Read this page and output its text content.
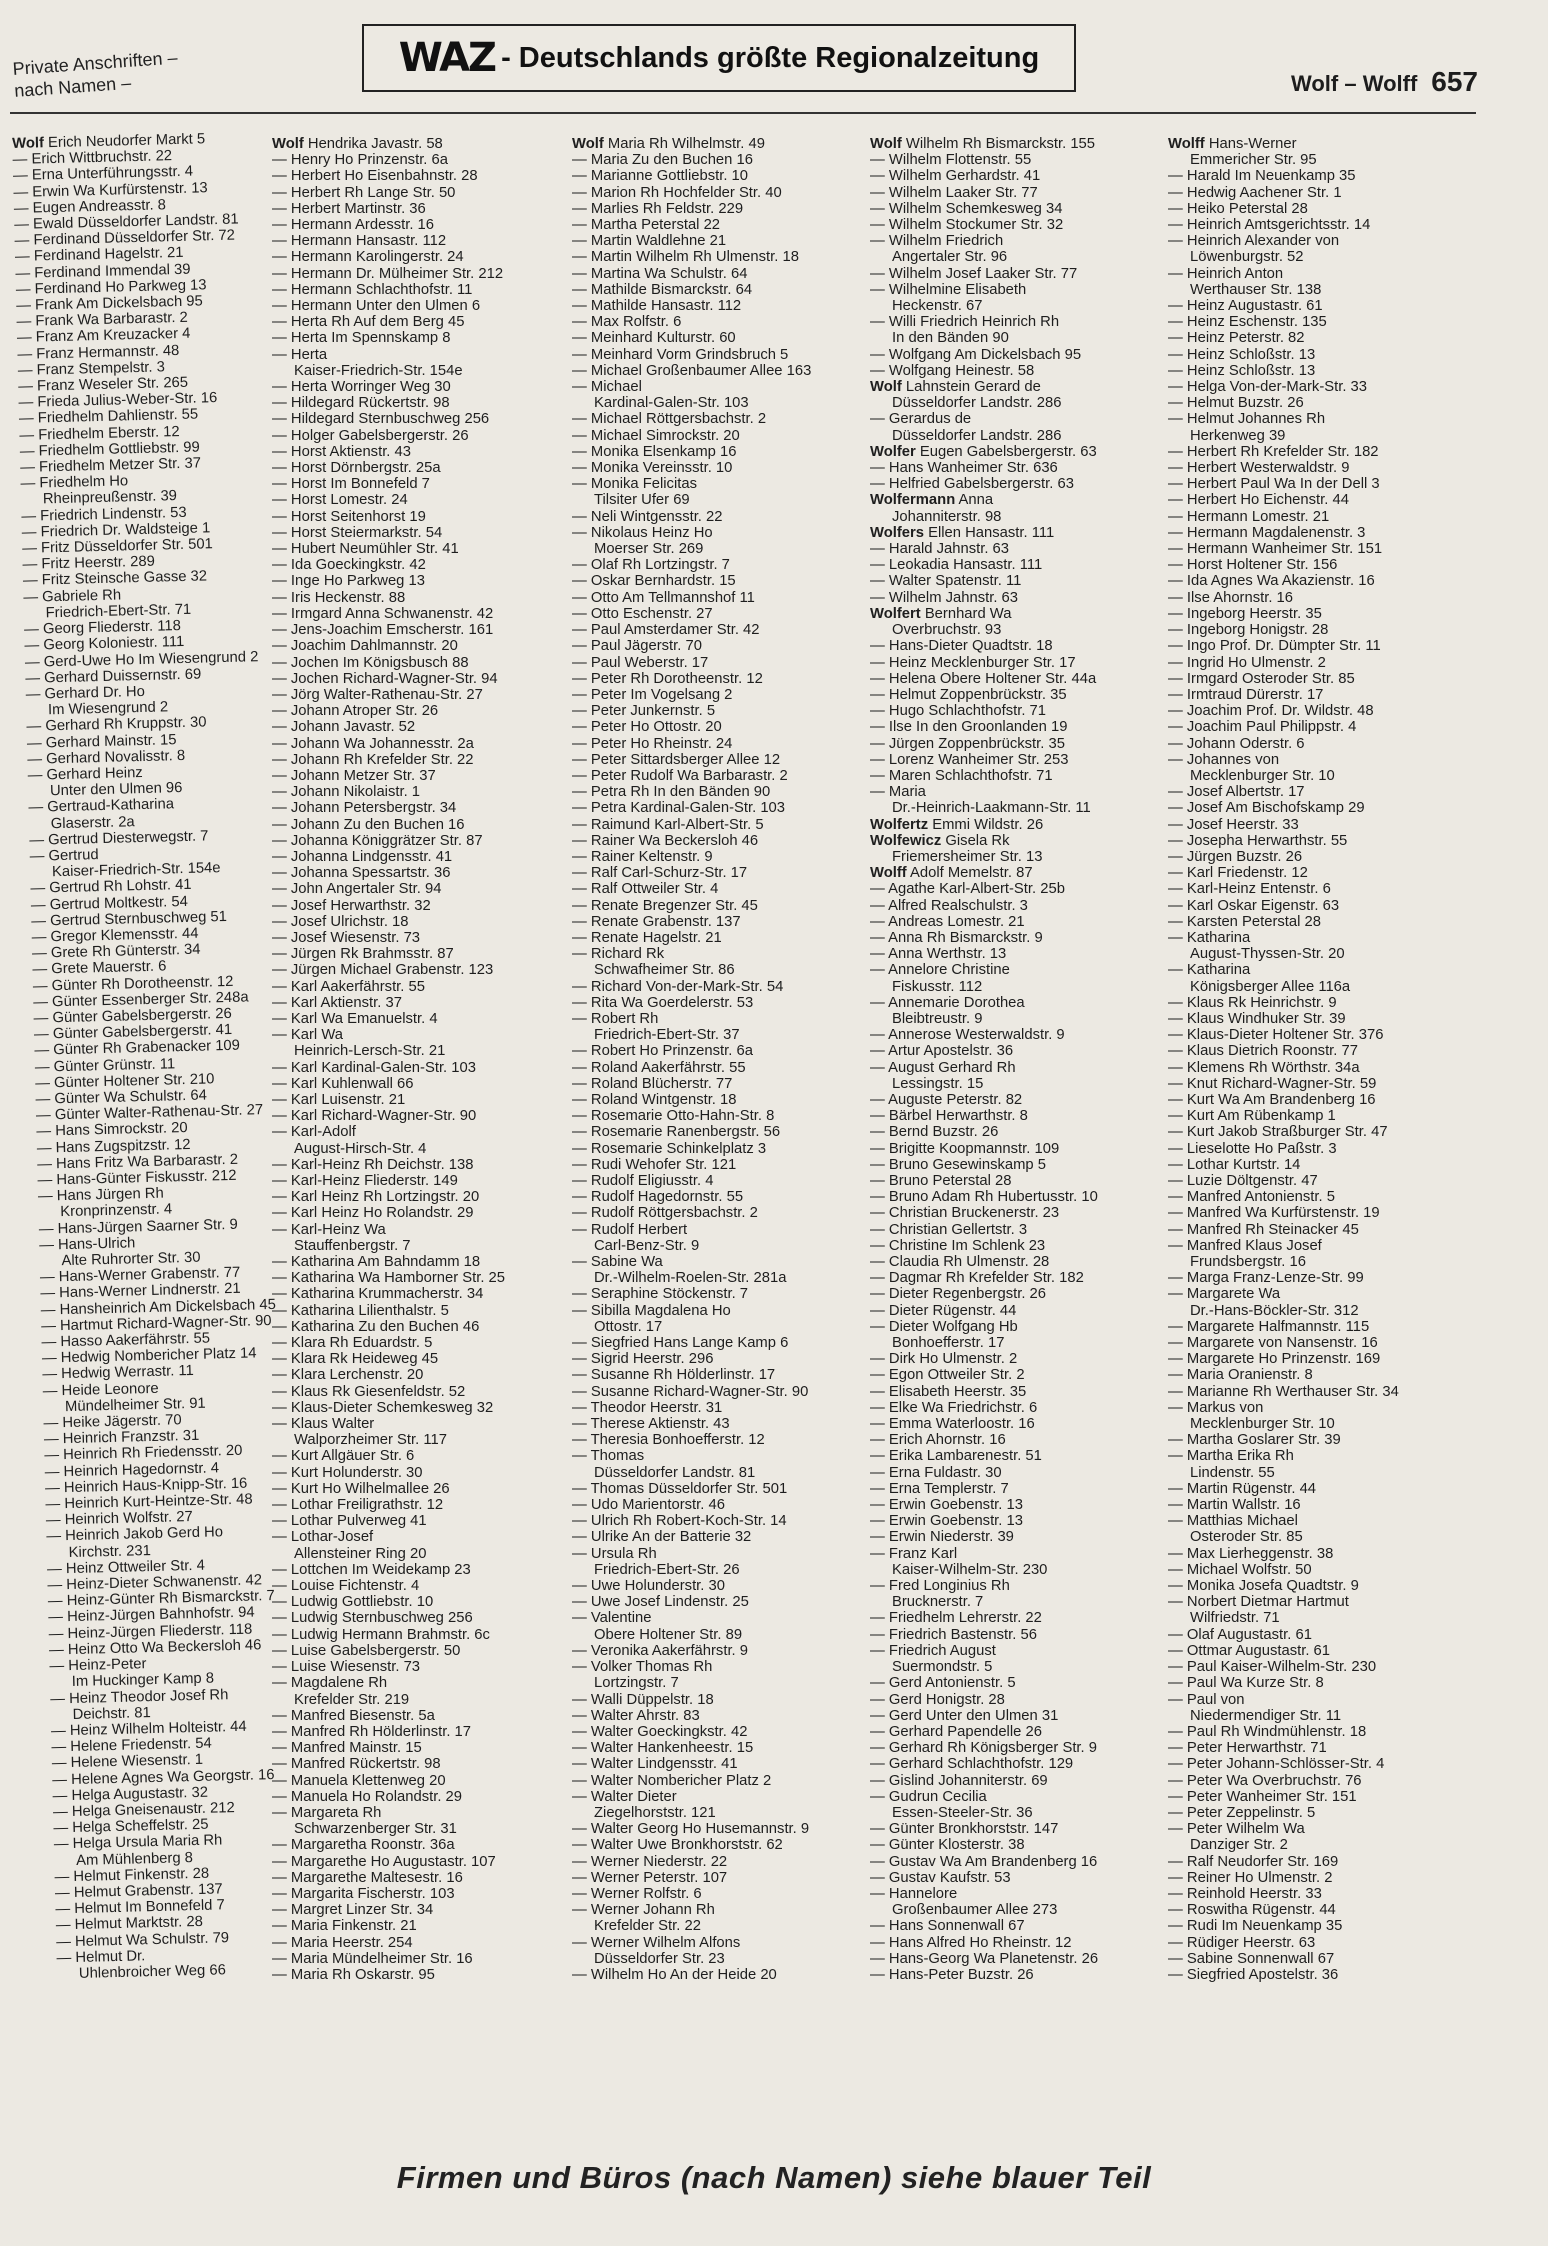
WAZ - Deutschlands größte Regionalzeitung
Private Anschriften – nach Namen –	Wolf – Wolff 657
Wolf Erich Neudorfer Markt 5
— Erich Wittbruchstr. 22
— Erna Unterführungsstr. 4
— Erwin Wa Kurfürstenstr. 13
— Eugen Andreasstr. 8
— Ewald Düsseldorfer Landstr. 81
— Ferdinand Düsseldorfer Str. 72
— Ferdinand Hagelstr. 21
— Ferdinand Immendal 39
— Ferdinand Ho Parkweg 13
— Frank Am Dickelsbach 95
— Frank Wa Barbarastr. 2
— Franz Am Kreuzacker 4
— Franz Hermannstr. 48
— Franz Stempelstr. 3
— Franz Weseler Str. 265
— Frieda Julius-Weber-Str. 16
— Friedhelm Dahlienstr. 55
— Friedhelm Eberstr. 12
— Friedhelm Gottliebstr. 99
— Friedhelm Metzer Str. 37
— Friedhelm Ho
Rheinpreußenstr. 39
— Friedrich Lindenstr. 53
— Friedrich Dr. Waldsteige 1
— Fritz Düsseldorfer Str. 501
— Fritz Heerstr. 289
— Fritz Steinsche Gasse 32
— Gabriele Rh
Friedrich-Ebert-Str. 71
— Georg Fliederstr. 118
— Georg Koloniestr. 111
— Gerd-Uwe Ho Im Wiesengrund 2
— Gerhard Duissernstr. 69
— Gerhard Dr. Ho
Im Wiesengrund 2
— Gerhard Rh Kruppstr. 30
— Gerhard Mainstr. 15
— Gerhard Novalisstr. 8
— Gerhard Heinz
Unter den Ulmen 96
— Gertraud-Katharina
Glaserstr. 2a
— Gertrud Diesterwegstr. 7
— Gertrud
Kaiser-Friedrich-Str. 154e
— Gertrud Rh Lohstr. 41
— Gertrud Moltkestr. 54
— Gertrud Sternbuschweg 51
— Gregor Klemensstr. 44
— Grete Rh Günterstr. 34
— Grete Mauerstr. 6
— Günter Rh Dorotheenstr. 12
— Günter Essenberger Str. 248a
— Günter Gabelsbergerstr. 26
— Günter Gabelsbergerstr. 41
— Günter Rh Grabenacker 109
— Günter Grünstr. 11
— Günter Holtener Str. 210
— Günter Wa Schulstr. 64
— Günter Walter-Rathenau-Str. 27
— Hans Simrockstr. 20
— Hans Zugspitzstr. 12
— Hans Fritz Wa Barbarastr. 2
— Hans-Günter Fiskusstr. 212
— Hans Jürgen Rh
Kronprinzenstr. 4
— Hans-Jürgen Saarner Str. 9
— Hans-Ulrich
Alte Ruhrorter Str. 30
— Hans-Werner Grabenstr. 77
— Hans-Werner Lindnerstr. 21
— Hansheinrich Am Dickelsbach 45
— Hartmut Richard-Wagner-Str. 90
— Hasso Aakerfährstr. 55
— Hedwig Nombericher Platz 14
— Hedwig Werrastr. 11
— Heide Leonore
Mündelheimer Str. 91
— Heike Jägerstr. 70
— Heinrich Franzstr. 31
— Heinrich Rh Friedensstr. 20
— Heinrich Hagedornstr. 4
— Heinrich Haus-Knipp-Str. 16
— Heinrich Kurt-Heintze-Str. 48
— Heinrich Wolfstr. 27
— Heinrich Jakob Gerd Ho
Kirchstr. 231
— Heinz Ottweiler Str. 4
— Heinz-Dieter Schwanenstr. 42
— Heinz-Günter Rh Bismarckstr. 7
— Heinz-Jürgen Bahnhofstr. 94
— Heinz-Jürgen Fliederstr. 118
— Heinz Otto Wa Beckersloh 46
— Heinz-Peter
Im Huckinger Kamp 8
— Heinz Theodor Josef Rh
Deichstr. 81
— Heinz Wilhelm Holteistr. 44
— Helene Friedenstr. 54
— Helene Wiesenstr. 1
— Helene Agnes Wa Georgstr. 16
— Helga Augustastr. 32
— Helga Gneisenaustr. 212
— Helga Scheffelstr. 25
— Helga Ursula Maria Rh
Am Mühlenberg 8
— Helmut Finkenstr. 28
— Helmut Grabenstr. 137
— Helmut Im Bonnefeld 7
— Helmut Marktstr. 28
— Helmut Wa Schulstr. 79
— Helmut Dr.
Uhlenbroicher Weg 66
Wolf Hendrika Javastr. 58
— Henry Ho Prinzenstr. 6a
— Herbert Ho Eisenbahnstr. 28
— Herbert Rh Lange Str. 50
— Herbert Martinstr. 36
— Hermann Ardesstr. 16
— Hermann Hansastr. 112
— Hermann Karolingerstr. 24
— Hermann Dr. Mülheimer Str. 212
— Hermann Schlachthofstr. 11
— Hermann Unter den Ulmen 6
— Herta Rh Auf dem Berg 45
— Herta Im Spennskamp 8
— Herta
Kaiser-Friedrich-Str. 154e
— Herta Worringer Weg 30
— Hildegard Rückertstr. 98
— Hildegard Sternbuschweg 256
— Holger Gabelsbergerstr. 26
— Horst Aktienstr. 43
— Horst Dörnbergstr. 25a
— Horst Im Bonnefeld 7
— Horst Lomestr. 24
— Horst Seitenhorst 19
— Horst Steiermarkstr. 54
— Hubert Neumühler Str. 41
— Ida Goeckingkstr. 42
— Inge Ho Parkweg 13
— Iris Heckenstr. 88
— Irmgard Anna Schwanenstr. 42
— Jens-Joachim Emscherstr. 161
— Joachim Dahlmannstr. 20
— Jochen Im Königsbusch 88
— Jochen Richard-Wagner-Str. 94
— Jörg Walter-Rathenau-Str. 27
— Johann Atroper Str. 26
— Johann Javastr. 52
— Johann Wa Johannesstr. 2a
— Johann Rh Krefelder Str. 22
— Johann Metzer Str. 37
— Johann Nikolaistr. 1
— Johann Petersbergstr. 34
— Johann Zu den Buchen 16
— Johanna Königgrätzer Str. 87
— Johanna Lindgensstr. 41
— Johanna Spessartstr. 36
— John Angertaler Str. 94
— Josef Herwarthstr. 32
— Josef Ulrichstr. 18
— Josef Wiesenstr. 73
— Jürgen Rk Brahmsstr. 87
— Jürgen Michael Grabenstr. 123
— Karl Aakerfährstr. 55
— Karl Aktienstr. 37
— Karl Wa Emanuelstr. 4
— Karl Wa
Heinrich-Lersch-Str. 21
— Karl Kardinal-Galen-Str. 103
— Karl Kuhlenwall 66
— Karl Luisenstr. 21
— Karl Richard-Wagner-Str. 90
— Karl-Adolf
August-Hirsch-Str. 4
— Karl-Heinz Rh Deichstr. 138
— Karl-Heinz Fliederstr. 149
— Karl Heinz Rh Lortzingstr. 20
— Karl Heinz Ho Rolandstr. 29
— Karl-Heinz Wa
Stauffenbergstr. 7
— Katharina Am Bahndamm 18
— Katharina Wa Hamborner Str. 25
— Katharina Krummacherstr. 34
— Katharina Lilienthalstr. 5
— Katharina Zu den Buchen 46
— Klara Rh Eduardstr. 5
— Klara Rk Heideweg 45
— Klara Lerchenstr. 20
— Klaus Rk Giesenfeldstr. 52
— Klaus-Dieter Schemkesweg 32
— Klaus Walter
Walporzheimer Str. 117
— Kurt Allgäuer Str. 6
— Kurt Holunderstr. 30
— Kurt Ho Wilhelmallee 26
— Lothar Freiligrathstr. 12
— Lothar Pulverweg 41
— Lothar-Josef
Allensteiner Ring 20
— Lottchen Im Weidekamp 23
— Louise Fichtenstr. 4
— Ludwig Gottliebstr. 10
— Ludwig Sternbuschweg 256
— Ludwig Hermann Brahmstr. 6c
— Luise Gabelsbergerstr. 50
— Luise Wiesenstr. 73
— Magdalene Rh
Krefelder Str. 219
— Manfred Biesenstr. 5a
— Manfred Rh Hölderlinstr. 17
— Manfred Mainstr. 15
— Manfred Rückertstr. 98
— Manuela Klettenweg 20
— Manuela Ho Rolandstr. 29
— Margareta Rh
Schwarzenberger Str. 31
— Margaretha Roonstr. 36a
— Margarethe Ho Augustastr. 107
— Margarethe Maltesestr. 16
— Margarita Fischerstr. 103
— Margret Linzer Str. 34
— Maria Finkenstr. 21
— Maria Heerstr. 254
— Maria Mündelheimer Str. 16
— Maria Rh Oskarstr. 95
Wolf Maria Rh Wilhelmstr. 49
— Maria Zu den Buchen 16
— Marianne Gottliebstr. 10
— Marion Rh Hochfelder Str. 40
— Marlies Rh Feldstr. 229
— Martha Peterstal 22
— Martin Waldlehne 21
— Martin Wilhelm Rh Ulmenstr. 18
— Martina Wa Schulstr. 64
— Mathilde Bismarckstr. 64
— Mathilde Hansastr. 112
— Max Rolfstr. 6
— Meinhard Kulturstr. 60
— Meinhard Vorm Grindsbruch 5
— Michael Großenbaumer Allee 163
— Michael
Kardinal-Galen-Str. 103
— Michael Röttgersbachstr. 2
— Michael Simrockstr. 20
— Monika Elsenkamp 16
— Monika Vereinsstr. 10
— Monika Felicitas
Tilsiter Ufer 69
— Neli Wintgensstr. 22
— Nikolaus Heinz Ho
Moerser Str. 269
— Olaf Rh Lortzingstr. 7
— Oskar Bernhardstr. 15
— Otto Am Tellmannshof 11
— Otto Eschenstr. 27
— Paul Amsterdamer Str. 42
— Paul Jägerstr. 70
— Paul Weberstr. 17
— Peter Rh Dorotheenstr. 12
— Peter Im Vogelsang 2
— Peter Junkernstr. 5
— Peter Ho Ottostr. 20
— Peter Ho Rheinstr. 24
— Peter Sittardsberger Allee 12
— Peter Rudolf Wa Barbarastr. 2
— Petra Rh In den Bänden 90
— Petra Kardinal-Galen-Str. 103
— Raimund Karl-Albert-Str. 5
— Rainer Wa Beckersloh 46
— Rainer Keltenstr. 9
— Ralf Carl-Schurz-Str. 17
— Ralf Ottweiler Str. 4
— Renate Bregenzer Str. 45
— Renate Grabenstr. 137
— Renate Hagelstr. 21
— Richard Rk
Schwafheimer Str. 86
— Richard Von-der-Mark-Str. 54
— Rita Wa Goerdelerstr. 53
— Robert Rh
Friedrich-Ebert-Str. 37
— Robert Ho Prinzenstr. 6a
— Roland Aakerfährstr. 55
— Roland Blücherstr. 77
— Roland Wintgenstr. 18
— Rosemarie Otto-Hahn-Str. 8
— Rosemarie Ranenbergstr. 56
— Rosemarie Schinkelplatz 3
— Rudi Wehofer Str. 121
— Rudolf Eligiusstr. 4
— Rudolf Hagedornstr. 55
— Rudolf Röttgersbachstr. 2
— Rudolf Herbert
Carl-Benz-Str. 9
— Sabine Wa
Dr.-Wilhelm-Roelen-Str. 281a
— Seraphine Stöckenstr. 7
— Sibilla Magdalena Ho
Ottostr. 17
— Siegfried Hans Lange Kamp 6
— Sigrid Heerstr. 296
— Susanne Rh Hölderlinstr. 17
— Susanne Richard-Wagner-Str. 90
— Theodor Heerstr. 31
— Therese Aktienstr. 43
— Theresia Bonhoefferstr. 12
— Thomas
Düsseldorfer Landstr. 81
— Thomas Düsseldorfer Str. 501
— Udo Marientorstr. 46
— Ulrich Rh Robert-Koch-Str. 14
— Ulrike An der Batterie 32
— Ursula Rh
Friedrich-Ebert-Str. 26
— Uwe Holunderstr. 30
— Uwe Josef Lindenstr. 25
— Valentine
Obere Holtener Str. 89
— Veronika Aakerfährstr. 9
— Volker Thomas Rh
Lortzingstr. 7
— Walli Düppelstr. 18
— Walter Ahrstr. 83
— Walter Goeckingkstr. 42
— Walter Hankenheestr. 15
— Walter Lindgensstr. 41
— Walter Nombericher Platz 2
— Walter Dieter
Ziegelhorststr. 121
— Walter Georg Ho Husemannstr. 9
— Walter Uwe Bronkhorststr. 62
— Werner Niederstr. 22
— Werner Peterstr. 107
— Werner Rolfstr. 6
— Werner Johann Rh
Krefelder Str. 22
— Werner Wilhelm Alfons
Düsseldorfer Str. 23
— Wilhelm Ho An der Heide 20
Wolf Wilhelm Rh Bismarckstr. 155
— Wilhelm Flottenstr. 55
— Wilhelm Gerhardstr. 41
— Wilhelm Laaker Str. 77
— Wilhelm Schemkesweg 34
— Wilhelm Stockumer Str. 32
— Wilhelm Friedrich
Angertaler Str. 96
— Wilhelm Josef Laaker Str. 77
— Wilhelmine Elisabeth
Heckenstr. 67
— Willi Friedrich Heinrich Rh
In den Bänden 90
— Wolfgang Am Dickelsbach 95
— Wolfgang Heinestr. 58
Wolf Lahnstein Gerard de
Düsseldorfer Landstr. 286
— Gerardus de
Düsseldorfer Landstr. 286
Wolfer Eugen Gabelsbergerstr. 63
— Hans Wanheimer Str. 636
— Helfried Gabelsbergerstr. 63
Wolfermann Anna
Johanniterstr. 98
Wolfers Ellen Hansastr. 111
— Harald Jahnstr. 63
— Leokadia Hansastr. 111
— Walter Spatenstr. 11
— Wilhelm Jahnstr. 63
Wolfert Bernhard Wa
Overbruchstr. 93
— Hans-Dieter Quadtstr. 18
— Heinz Mecklenburger Str. 17
— Helena Obere Holtener Str. 44a
— Helmut Zoppenbrückstr. 35
— Hugo Schlachthofstr. 71
— Ilse In den Groonlanden 19
— Jürgen Zoppenbrückstr. 35
— Lorenz Wanheimer Str. 253
— Maren Schlachthofstr. 71
— Maria
Dr.-Heinrich-Laakmann-Str. 11
Wolfertz Emmi Wildstr. 26
Wolfewicz Gisela Rk
Friemersheimer Str. 13
Wolff Adolf Memelstr. 87
— Agathe Karl-Albert-Str. 25b
— Alfred Realschulstr. 3
— Andreas Lomestr. 21
— Anna Rh Bismarckstr. 9
— Anna Werthstr. 13
— Annelore Christine
Fiskusstr. 112
— Annemarie Dorothea
Bleibtreustr. 9
— Annerose Westerwaldstr. 9
— Artur Apostelstr. 36
— August Gerhard Rh
Lessingstr. 15
— Auguste Peterstr. 82
— Bärbel Herwarthstr. 8
— Bernd Buzstr. 26
— Brigitte Koopmannstr. 109
— Bruno Gesewinskamp 5
— Bruno Peterstal 28
— Bruno Adam Rh Hubertusstr. 10
— Christian Bruckenerstr. 23
— Christian Gellertstr. 3
— Christine Im Schlenk 23
— Claudia Rh Ulmenstr. 28
— Dagmar Rh Krefelder Str. 182
— Dieter Regenbergstr. 26
— Dieter Rügenstr. 44
— Dieter Wolfgang Hb
Bonhoefferstr. 17
— Dirk Ho Ulmenstr. 2
— Egon Ottweiler Str. 2
— Elisabeth Heerstr. 35
— Elke Wa Friedrichstr. 6
— Emma Waterloostr. 16
— Erich Ahornstr. 16
— Erika Lambarenestr. 51
— Erna Fuldastr. 30
— Erna Templerstr. 7
— Erwin Goebenstr. 13
— Erwin Goebenstr. 13
— Erwin Niederstr. 39
— Franz Karl
Kaiser-Wilhelm-Str. 230
— Fred Longinius Rh
Brucknerstr. 7
— Friedhelm Lehrerstr. 22
— Friedrich Bastenstr. 56
— Friedrich August
Suermondstr. 5
— Gerd Antonienstr. 5
— Gerd Honigstr. 28
— Gerd Unter den Ulmen 31
— Gerhard Papendelle 26
— Gerhard Rh Königsberger Str. 9
— Gerhard Schlachthofstr. 129
— Gislind Johanniterstr. 69
— Gudrun Cecilia
Essen-Steeler-Str. 36
— Günter Bronkhorststr. 147
— Günter Klosterstr. 38
— Gustav Wa Am Brandenberg 16
— Gustav Kaufstr. 53
— Hannelore
Großenbaumer Allee 273
— Hans Sonnenwall 67
— Hans Alfred Ho Rheinstr. 12
— Hans-Georg Wa Planetenstr. 26
— Hans-Peter Buzstr. 26
Wolff Hans-Werner
Emmericher Str. 95
— Harald Im Neuenkamp 35
— Hedwig Aachener Str. 1
— Heiko Peterstal 28
— Heinrich Amtsgerichtsstr. 14
— Heinrich Alexander von
Löwenburgstr. 52
— Heinrich Anton
Werthauser Str. 138
— Heinz Augustastr. 61
— Heinz Eschenstr. 135
— Heinz Peterstr. 82
— Heinz Schloßstr. 13
— Heinz Schloßstr. 13
— Helga Von-der-Mark-Str. 33
— Helmut Buzstr. 26
— Helmut Johannes Rh
Herkenweg 39
— Herbert Rh Krefelder Str. 182
— Herbert Westerwaldstr. 9
— Herbert Paul Wa In der Dell 3
— Herbert Ho Eichenstr. 44
— Hermann Lomestr. 21
— Hermann Magdalenenstr. 3
— Hermann Wanheimer Str. 151
— Horst Holtener Str. 156
— Ida Agnes Wa Akazienstr. 16
— Ilse Ahornstr. 16
— Ingeborg Heerstr. 35
— Ingeborg Honigstr. 28
— Ingo Prof. Dr. Dümpter Str. 11
— Ingrid Ho Ulmenstr. 2
— Irmgard Osteroder Str. 85
— Irmtraud Dürerstr. 17
— Joachim Prof. Dr. Wildstr. 48
— Joachim Paul Philippstr. 4
— Johann Oderstr. 6
— Johannes von
Mecklenburger Str. 10
— Josef Albertstr. 17
— Josef Am Bischofskamp 29
— Josef Heerstr. 33
— Josepha Herwarthstr. 55
— Jürgen Buzstr. 26
— Karl Friedenstr. 12
— Karl-Heinz Entenstr. 6
— Karl Oskar Eigenstr. 63
— Karsten Peterstal 28
— Katharina
August-Thyssen-Str. 20
— Katharina
Königsberger Allee 116a
— Klaus Rk Heinrichstr. 9
— Klaus Windhuker Str. 39
— Klaus-Dieter Holtener Str. 376
— Klaus Dietrich Roonstr. 77
— Klemens Rh Wörthstr. 34a
— Knut Richard-Wagner-Str. 59
— Kurt Wa Am Brandenberg 16
— Kurt Am Rübenkamp 1
— Kurt Jakob Straßburger Str. 47
— Lieselotte Ho Paßstr. 3
— Lothar Kurtstr. 14
— Luzie Döltgenstr. 47
— Manfred Antonienstr. 5
— Manfred Wa Kurfürstenstr. 19
— Manfred Rh Steinacker 45
— Manfred Klaus Josef
Frundsbergstr. 16
— Marga Franz-Lenze-Str. 99
— Margarete Wa
Dr.-Hans-Böckler-Str. 312
— Margarete Halfmannstr. 115
— Margarete von Nansenstr. 16
— Margarete Ho Prinzenstr. 169
— Maria Oranienstr. 8
— Marianne Rh Werthauser Str. 34
— Markus von
Mecklenburger Str. 10
— Martha Goslarer Str. 39
— Martha Erika Rh
Lindenstr. 55
— Martin Rügenstr. 44
— Martin Wallstr. 16
— Matthias Michael
Osteroder Str. 85
— Max Lierheggenstr. 38
— Michael Wolfstr. 50
— Monika Josefa Quadtstr. 9
— Norbert Dietmar Hartmut
Wilfriedstr. 71
— Olaf Augustastr. 61
— Ottmar Augustastr. 61
— Paul Kaiser-Wilhelm-Str. 230
— Paul Wa Kurze Str. 8
— Paul von
Niedermendiger Str. 11
— Paul Rh Windmühlenstr. 18
— Peter Herwarthstr. 71
— Peter Johann-Schlösser-Str. 4
— Peter Wa Overbruchstr. 76
— Peter Wanheimer Str. 151
— Peter Zeppelinstr. 5
— Peter Wilhelm Wa
Danziger Str. 2
— Ralf Neudorfer Str. 169
— Reiner Ho Ulmenstr. 2
— Reinhold Heerstr. 33
— Roswitha Rügenstr. 44
— Rudi Im Neuenkamp 35
— Rüdiger Heerstr. 63
— Sabine Sonnenwall 67
— Siegfried Apostelstr. 36
Firmen und Büros (nach Namen) siehe blauer Teil
